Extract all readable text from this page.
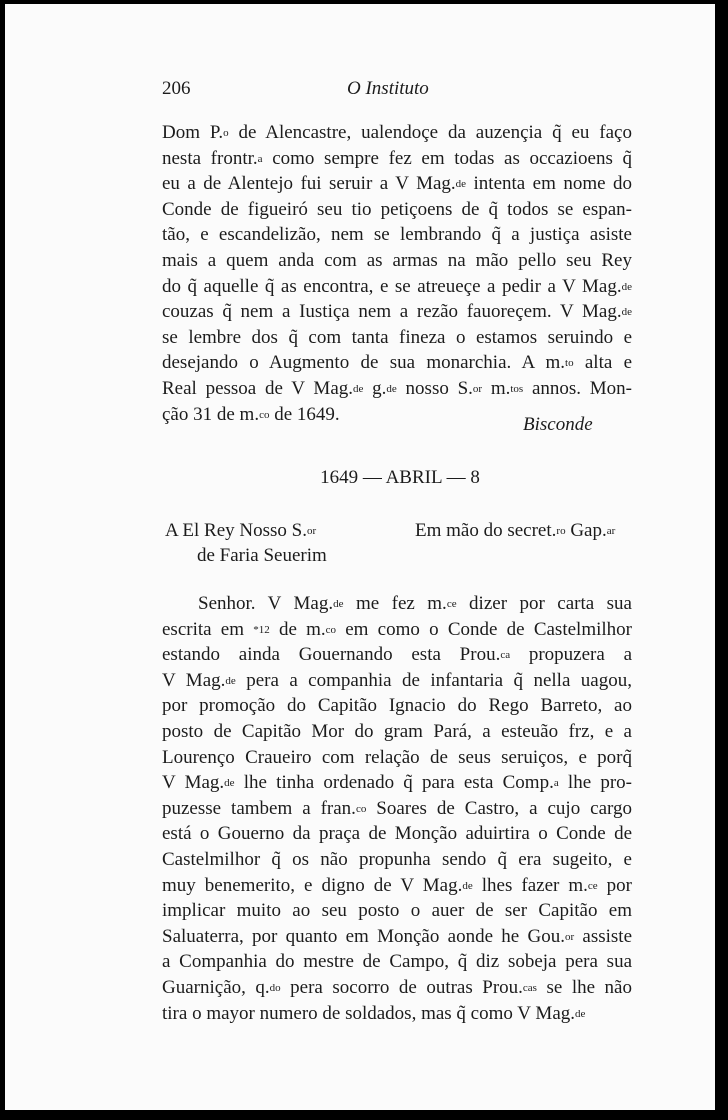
206	O Instituto
Dom P.$^o$ de Alencastre, ualendoçe da auzençia q̃ eu faço
nesta frontr.$^a$ como sempre fez em todas as occazioens q̃
eu a de Alentejo fui seruir a V Mag.$^{de}$ intenta em nome do
Conde de figueiró seu tio petiçoens de q̃ todos se espan-
tão, e escandelizão, nem se lembrando q̃ a justiça asiste
mais a quem anda com as armas na mão pello seu Rey
do q̃ aquelle q̃ as encontra, e se atreueçe a pedir a V Mag.$^{de}$
couzas q̃ nem a Iustiça nem a rezão fauoreçem. V Mag.$^{de}$
se lembre dos q̃ com tanta fineza o estamos seruindo e
desejando o Augmento de sua monarchia. A m.$^{to}$ alta e
Real pessoa de V Mag.$^{de}$ g.$^{de}$ nosso S.$^{or}$ m.$^{tos}$ annos. Mon-
ção 31 de m.$^{co}$ de 1649.	Bisconde
1649 — ABRIL — 8
A El Rey Nosso S.$^{or}$
de Faria Seuerim
Em mão do secret.$^{ro}$ Gap.$^{ar}$
Senhor. V Mag.$^{de}$ me fez m.$^{ce}$ dizer por carta sua
escrita em $^{*12}$ de m.$^{co}$ em como o Conde de Castelmilhor
estando ainda Gouernando esta Prou.$^{ca}$ propuzera a
V Mag.$^{de}$ pera a companhia de infantaria q̃ nella uagou,
por promoção do Capitão Ignacio do Rego Barreto, ao
posto de Capitão Mor do gram Pará, a esteuão frz, e a
Lourenço Craueiro com relação de seus seruiços, e porq̃
V Mag.$^{de}$ lhe tinha ordenado q̃ para esta Comp.$^a$ lhe pro-
puzesse tambem a fran.$^{co}$ Soares de Castro, a cujo cargo
está o Gouerno da praça de Monção aduirtira o Conde de
Castelmilhor q̃ os não propunha sendo q̃ era sugeito, e
muy benemerito, e digno de V Mag.$^{de}$ lhes fazer m.$^{ce}$ por
implicar muito ao seu posto o auer de ser Capitão em
Saluaterra, por quanto em Monção aonde he Gou.$^{or}$ assiste
a Companhia do mestre de Campo, q̃ diz sobeja pera sua
Guarnição, q.$^{do}$ pera socorro de outras Prou.$^{cas}$ se lhe não
tira o mayor numero de soldados, mas q̃ como V Mag.$^{de}$
